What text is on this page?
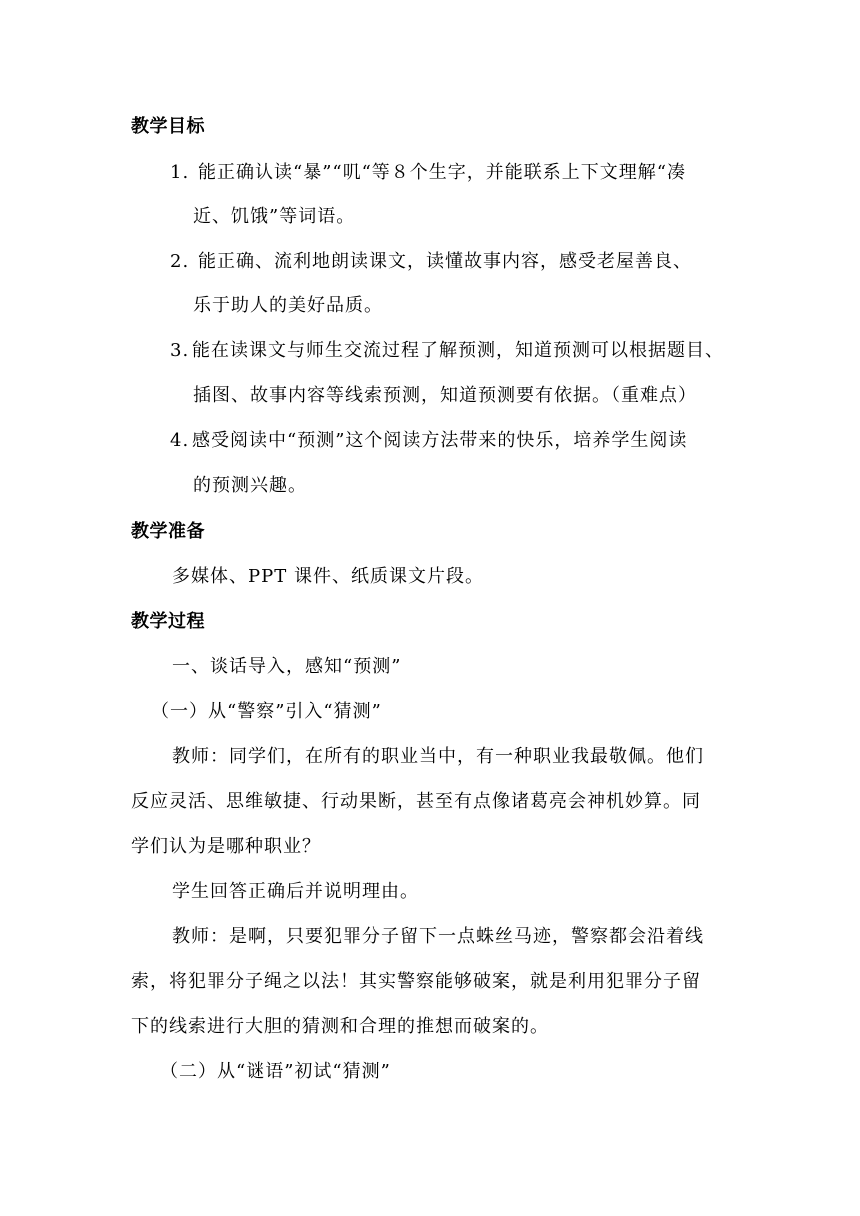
教学目标
1. 能正确认读“暴”“叽“等８个生字，并能联系上下文理解“凑
近、饥饿”等词语。
2. 能正确、流利地朗读课文，读懂故事内容，感受老屋善良、
乐于助人的美好品质。
3. 能在读课文与师生交流过程了解预测，知道预测可以根据题目、
插图、故事内容等线索预测，知道预测要有依据。（重难点）
4. 感受阅读中“预测”这个阅读方法带来的快乐，培养学生阅读
的预测兴趣。
教学准备
多媒体、PPT 课件、纸质课文片段。
教学过程
一、谈话导入，感知“预测”
（一）从“警察”引入“猜测”
教师：同学们，在所有的职业当中，有一种职业我最敬佩。他们
反应灵活、思维敏捷、行动果断，甚至有点像诸葛亮会神机妙算。同
学们认为是哪种职业？
学生回答正确后并说明理由。
教师：是啊，只要犯罪分子留下一点蛛丝马迹，警察都会沿着线
索，将犯罪分子绳之以法！其实警察能够破案，就是利用犯罪分子留
下的线索进行大胆的猜测和合理的推想而破案的。
（二）从“谜语”初试“猜测”
